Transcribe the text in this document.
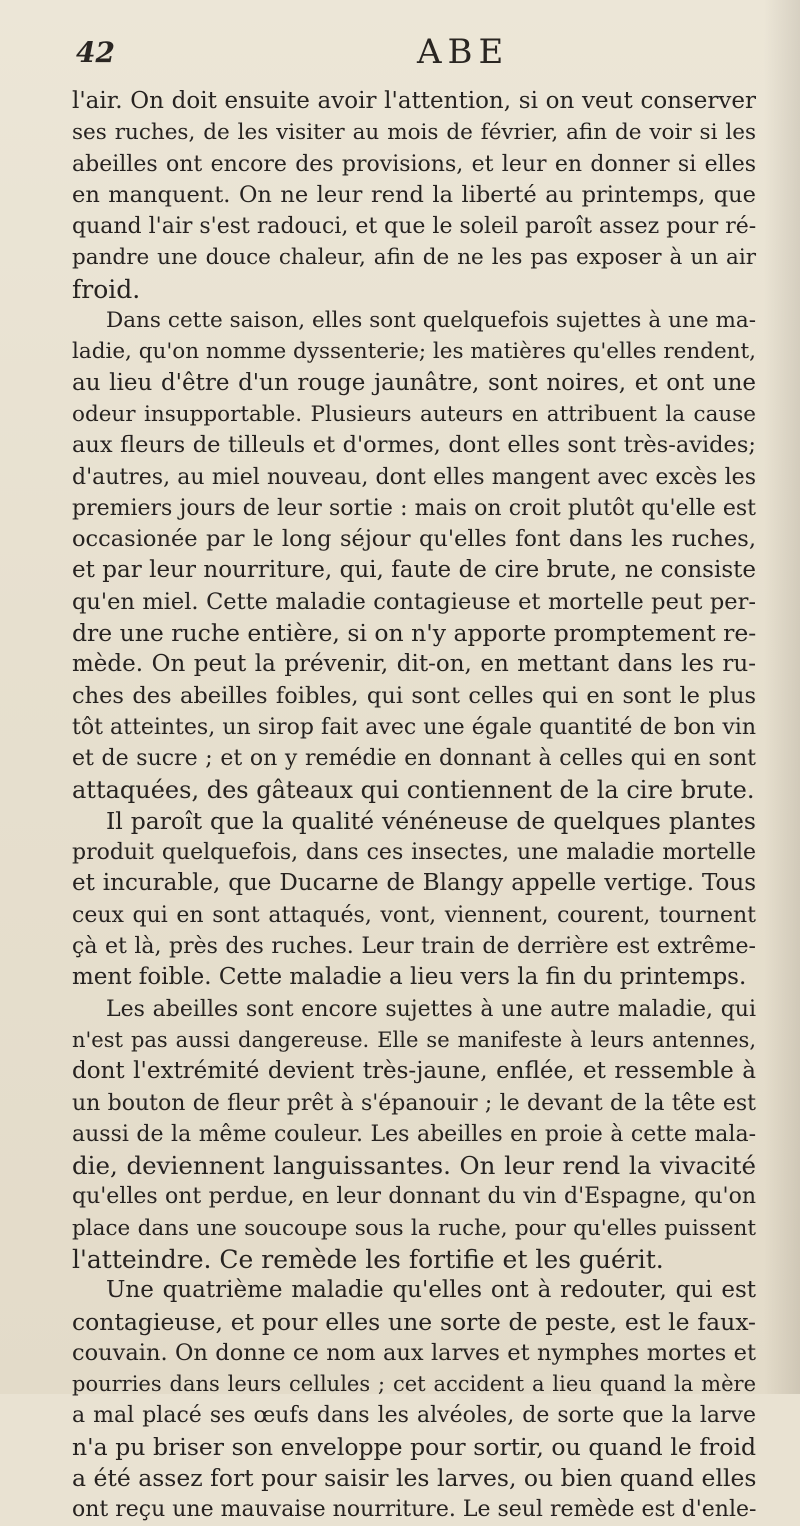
42	ABE
l'air. On doit ensuite avoir l'attention, si on veut conserver
ses ruches, de les visiter au mois de février, afin de voir si les
abeilles ont encore des provisions, et leur en donner si elles
en manquent. On ne leur rend la liberté au printemps, que
quand l'air s'est radouci, et que le soleil paroît assez pour ré-
pandre une douce chaleur, afin de ne les pas exposer à un air
froid.
Dans cette saison, elles sont quelquefois sujettes à une ma-
ladie, qu'on nomme dyssenterie; les matières qu'elles rendent,
au lieu d'être d'un rouge jaunâtre, sont noires, et ont une
odeur insupportable. Plusieurs auteurs en attribuent la cause
aux fleurs de tilleuls et d'ormes, dont elles sont très-avides;
d'autres, au miel nouveau, dont elles mangent avec excès les
premiers jours de leur sortie : mais on croit plutôt qu'elle est
occasionée par le long séjour qu'elles font dans les ruches,
et par leur nourriture, qui, faute de cire brute, ne consiste
qu'en miel. Cette maladie contagieuse et mortelle peut per-
dre une ruche entière, si on n'y apporte promptement re-
mède. On peut la prévenir, dit-on, en mettant dans les ru-
ches des abeilles foibles, qui sont celles qui en sont le plus
tôt atteintes, un sirop fait avec une égale quantité de bon vin
et de sucre ; et on y remédie en donnant à celles qui en sont
attaquées, des gâteaux qui contiennent de la cire brute.
Il paroît que la qualité vénéneuse de quelques plantes
produit quelquefois, dans ces insectes, une maladie mortelle
et incurable, que Ducarne de Blangy appelle vertige. Tous
ceux qui en sont attaqués, vont, viennent, courent, tournent
çà et là, près des ruches. Leur train de derrière est extrême-
ment foible. Cette maladie a lieu vers la fin du printemps.
Les abeilles sont encore sujettes à une autre maladie, qui
n'est pas aussi dangereuse. Elle se manifeste à leurs antennes,
dont l'extrémité devient très-jaune, enflée, et ressemble à
un bouton de fleur prêt à s'épanouir ; le devant de la tête est
aussi de la même couleur. Les abeilles en proie à cette mala-
die, deviennent languissantes. On leur rend la vivacité
qu'elles ont perdue, en leur donnant du vin d'Espagne, qu'on
place dans une soucoupe sous la ruche, pour qu'elles puissent
l'atteindre. Ce remède les fortifie et les guérit.
Une quatrième maladie qu'elles ont à redouter, qui est
contagieuse, et pour elles une sorte de peste, est le faux-
couvain. On donne ce nom aux larves et nymphes mortes et
pourries dans leurs cellules ; cet accident a lieu quand la mère
a mal placé ses œufs dans les alvéoles, de sorte que la larve
n'a pu briser son enveloppe pour sortir, ou quand le froid
a été assez fort pour saisir les larves, ou bien quand elles
ont reçu une mauvaise nourriture. Le seul remède est d'enle-
